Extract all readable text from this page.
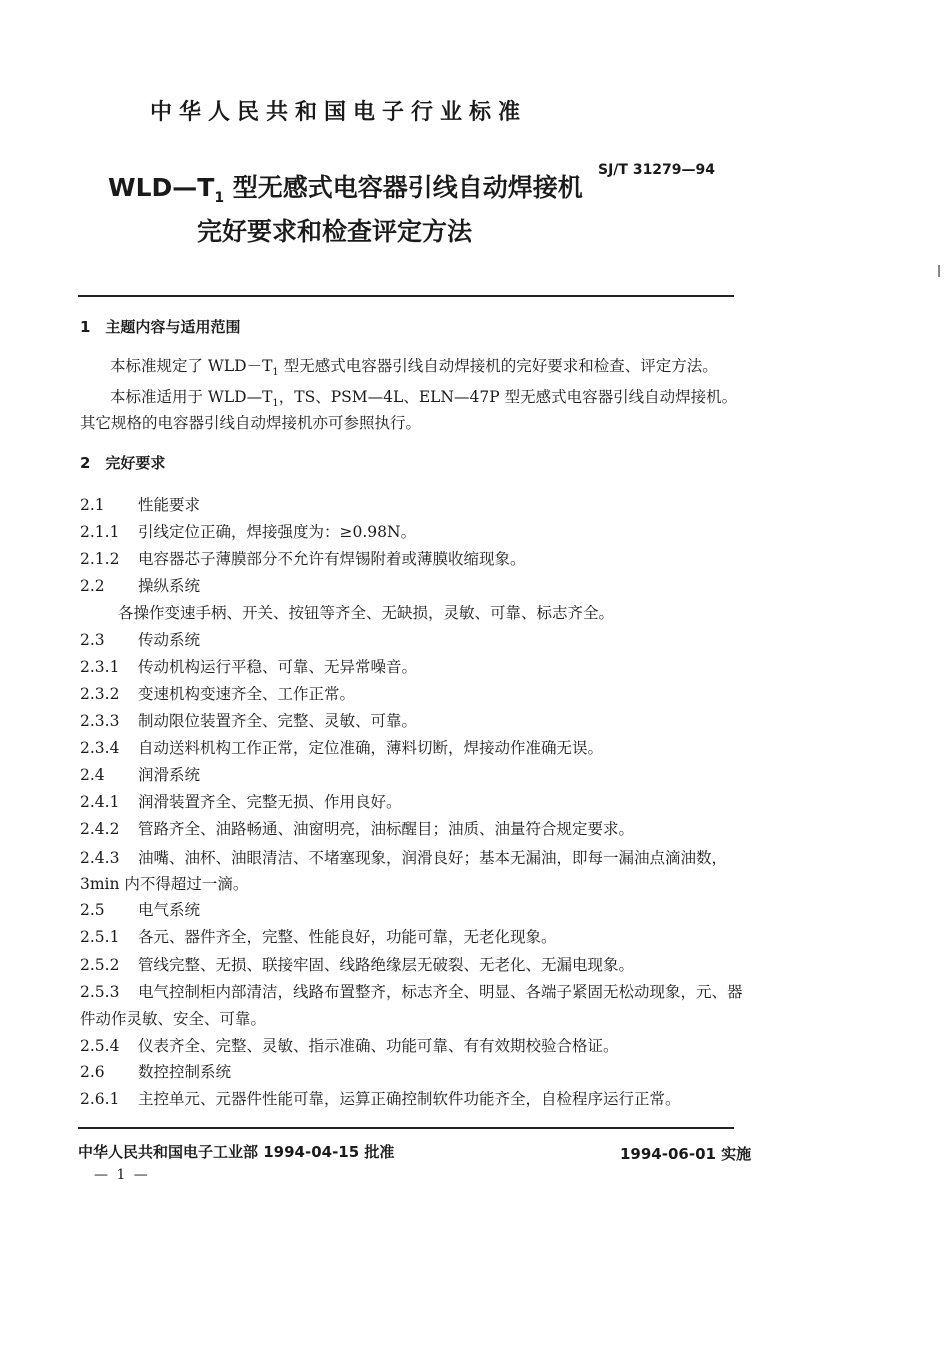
中华人民共和国电子行业标准
$WLD—T_1$ 型无感式电容器引线自动焊接机
SJ/T 31279—94
完好要求和检查评定方法
1　主题内容与适用范围
本标准规定了 $WLD-T_1$ 型无感式电容器引线自动焊接机的完好要求和检查、评定方法。
本标准适用于 $WLD—T_1$，TS、PSM—4L、ELN—47P 型无感式电容器引线自动焊接机。
其它规格的电容器引线自动焊接机亦可参照执行。
2　完好要求
2.1 性能要求
2.1.1 引线定位正确，焊接强度为：≥0.98N。
2.1.2 电容器芯子薄膜部分不允许有焊锡附着或薄膜收缩现象。
2.2 操纵系统
各操作变速手柄、开关、按钮等齐全、无缺损，灵敏、可靠、标志齐全。
2.3 传动系统
2.3.1 传动机构运行平稳、可靠、无异常噪音。
2.3.2 变速机构变速齐全、工作正常。
2.3.3 制动限位装置齐全、完整、灵敏、可靠。
2.3.4 自动送料机构工作正常，定位准确，薄料切断，焊接动作准确无误。
2.4 润滑系统
2.4.1 润滑装置齐全、完整无损、作用良好。
2.4.2 管路齐全、油路畅通、油窗明亮，油标醒目；油质、油量符合规定要求。
2.4.3 油嘴、油杯、油眼清洁、不堵塞现象，润滑良好；基本无漏油，即每一漏油点滴油数，
3min 内不得超过一滴。
2.5 电气系统
2.5.1 各元、器件齐全，完整、性能良好，功能可靠，无老化现象。
2.5.2 管线完整、无损、联接牢固、线路绝缘层无破裂、无老化、无漏电现象。
2.5.3 电气控制柜内部清洁，线路布置整齐，标志齐全、明显、各端子紧固无松动现象，元、器
件动作灵敏、安全、可靠。
2.5.4 仪表齐全、完整、灵敏、指示准确、功能可靠、有有效期校验合格证。
2.6 数控控制系统
2.6.1 主控单元、元器件性能可靠，运算正确控制软件功能齐全，自检程序运行正常。
中华人民共和国电子工业部 1994-04-15 批准	1994-06-01 实施
— 1 —
